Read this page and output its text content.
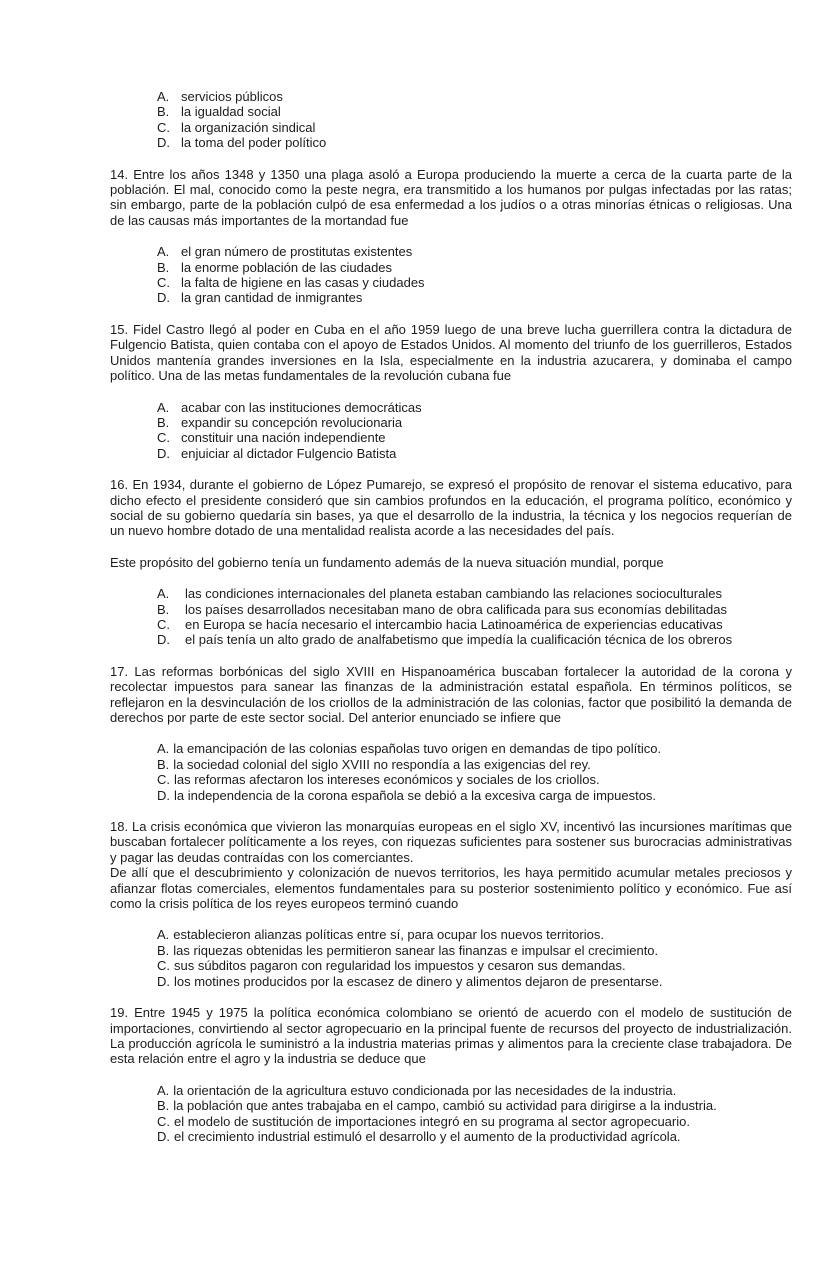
A. servicios públicos
B. la igualdad social
C. la organización sindical
D. la toma del poder político

14. Entre los años 1348 y 1350 una plaga asoló a Europa produciendo la muerte a cerca de la cuarta parte de la población. El mal, conocido como la peste negra, era transmitido a los humanos por pulgas infectadas por las ratas; sin embargo, parte de la población culpó de esa enfermedad a los judíos o a otras minorías étnicas o religiosas. Una de las causas más importantes de la mortandad fue

A. el gran número de prostitutas existentes
B. la enorme población de las ciudades
C. la falta de higiene en las casas y ciudades
D. la gran cantidad de inmigrantes

15. Fidel Castro llegó al poder en Cuba en el año 1959 luego de una breve lucha guerrillera contra la dictadura de Fulgencio Batista, quien contaba con el apoyo de Estados Unidos. Al momento del triunfo de los guerrilleros, Estados Unidos mantenía grandes inversiones en la Isla, especialmente en la industria azucarera, y dominaba el campo político. Una de las metas fundamentales de la revolución cubana fue

A. acabar con las instituciones democráticas
B. expandir su concepción revolucionaria
C. constituir una nación independiente
D. enjuiciar al dictador Fulgencio Batista

16. En 1934, durante el gobierno de López Pumarejo, se expresó el propósito de renovar el sistema educativo, para dicho efecto el presidente consideró que sin cambios profundos en la educación, el programa político, económico y social de su gobierno quedaría sin bases, ya que el desarrollo de la industria, la técnica y los negocios requerían de un nuevo hombre dotado de una mentalidad realista acorde a las necesidades del país.

Este propósito del gobierno tenía un fundamento además de la nueva situación mundial, porque

A. las condiciones internacionales del planeta estaban cambiando las relaciones socioculturales
B. los países desarrollados necesitaban mano de obra calificada para sus economías debilitadas
C. en Europa se hacía necesario el intercambio hacia Latinoamérica de experiencias educativas
D. el país tenía un alto grado de analfabetismo que impedía la cualificación técnica de los obreros

17. Las reformas borbónicas del siglo XVIII en Hispanoamérica buscaban fortalecer la autoridad de la corona y recolectar impuestos para sanear las finanzas de la administración estatal española. En términos políticos, se reflejaron en la desvinculación de los criollos de la administración de las colonias, factor que posibilitó la demanda de derechos por parte de este sector social. Del anterior enunciado se infiere que

A. la emancipación de las colonias españolas tuvo origen en demandas de tipo político.
B. la sociedad colonial del siglo XVIII no respondía a las exigencias del rey.
C. las reformas afectaron los intereses económicos y sociales de los criollos.
D. la independencia de la corona española se debió a la excesiva carga de impuestos.

18. La crisis económica que vivieron las monarquías europeas en el siglo XV, incentivó las incursiones marítimas que buscaban fortalecer políticamente a los reyes, con riquezas suficientes para sostener sus burocracias administrativas y pagar las deudas contraídas con los comerciantes.

De allí que el descubrimiento y colonización de nuevos territorios, les haya permitido acumular metales preciosos y afianzar flotas comerciales, elementos fundamentales para su posterior sostenimiento político y económico. Fue así como la crisis política de los reyes europeos terminó cuando

A. establecieron alianzas políticas entre sí, para ocupar los nuevos territorios.
B. las riquezas obtenidas les permitieron sanear las finanzas e impulsar el crecimiento.
C. sus súbditos pagaron con regularidad los impuestos y cesaron sus demandas.
D. los motines producidos por la escasez de dinero y alimentos dejaron de presentarse.

19. Entre 1945 y 1975 la política económica colombiano se orientó de acuerdo con el modelo de sustitución de importaciones, convirtiendo al sector agropecuario en la principal fuente de recursos del proyecto de industrialización. La producción agrícola le suministró a la industria materias primas y alimentos para la creciente clase trabajadora. De esta relación entre el agro y la industria se deduce que

A. la orientación de la agricultura estuvo condicionada por las necesidades de la industria.
B. la población que antes trabajaba en el campo, cambió su actividad para dirigirse a la industria.
C. el modelo de sustitución de importaciones integró en su programa al sector agropecuario.
D. el crecimiento industrial estimuló el desarrollo y el aumento de la productividad agrícola.
